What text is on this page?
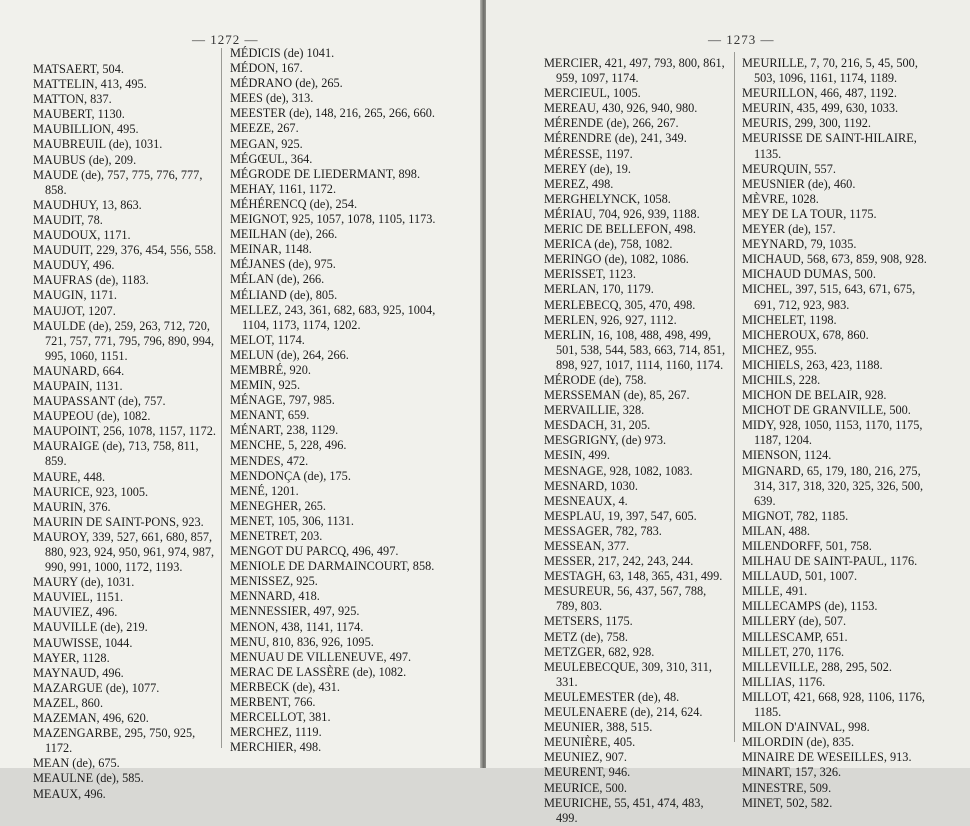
— 1272 —

MATSAERT, 504.

MATTELIN, 413, 495.

MATTON, 837.

MAUBERT, 1130.

MAUBILLION, 495.

MAUBREUIL (de), 1031.

MAUBUS (de), 209.

MAUDE (de), 757, 775, 776, 777, 858.

MAUDHUY, 13, 863.

MAUDIT, 78.

MAUDOUX, 1171.

MAUDUIT, 229, 376, 454, 556, 558.

MAUDUY, 496.

MAUFRAS (de), 1183.

MAUGIN, 1171.

MAUJOT, 1207.

MAULDE (de), 259, 263, 712, 720, 721, 757, 771, 795, 796, 890, 994, 995, 1060, 1151.

MAUNARD, 664.

MAUPAIN, 1131.

MAUPASSANT (de), 757.

MAUPEOU (de), 1082.

MAUPOINT, 256, 1078, 1157, 1172.

MAURAIGE (de), 713, 758, 811, 859.

MAURE, 448.

MAURICE, 923, 1005.

MAURIN, 376.

MAURIN DE SAINT-PONS, 923.

MAUROY, 339, 527, 661, 680, 857, 880, 923, 924, 950, 961, 974, 987, 990, 991, 1000, 1172, 1193.

MAURY (de), 1031.

MAUVIEL, 1151.

MAUVIEZ, 496.

MAUVILLE (de), 219.

MAUWISSE, 1044.

MAYER, 1128.

MAYNAUD, 496.

MAZARGUE (de), 1077.

MAZEL, 860.

MAZEMAN, 496, 620.

MAZENGARBE, 295, 750, 925, 1172.

MEAN (de), 675.

MEAULNE (de), 585.

MEAUX, 496.

MÉDICIS (de) 1041.

MÉDON, 167.

MÉDRANO (de), 265.

MEES (de), 313.

MEESTER (de), 148, 216, 265, 266, 660.

MEEZE, 267.

MEGAN, 925.

MÉGŒUL, 364.

MÉGRODE DE LIEDERMANT, 898.

MEHAY, 1161, 1172.

MÉHÉRENCQ (de), 254.

MEIGNOT, 925, 1057, 1078, 1105, 1173.

MEILHAN (de), 266.

MEINAR, 1148.

MÉJANES (de), 975.

MÉLAN (de), 266.

MÉLIAND (de), 805.

MELLEZ, 243, 361, 682, 683, 925, 1004, 1104, 1173, 1174, 1202.

MELOT, 1174.

MELUN (de), 264, 266.

MEMBRÉ, 920.

MEMIN, 925.

MÉNAGE, 797, 985.

MENANT, 659.

MÉNART, 238, 1129.

MENCHE, 5, 228, 496.

MENDES, 472.

MENDONÇA (de), 175.

MENÉ, 1201.

MENEGHER, 265.

MENET, 105, 306, 1131.

MENETRET, 203.

MENGOT DU PARCQ, 496, 497.

MENIOLE DE DARMAINCOURT, 858.

MENISSEZ, 925.

MENNARD, 418.

MENNESSIER, 497, 925.

MENON, 438, 1141, 1174.

MENU, 810, 836, 926, 1095.

MENUAU DE VILLENEUVE, 497.

MERAC DE LASSÈRE (de), 1082.

MERBECK (de), 431.

MERBENT, 766.

MERCELLOT, 381.

MERCHEZ, 1119.

MERCHIER, 498.

— 1273 —

MERCIER, 421, 497, 793, 800, 861, 959, 1097, 1174.

MERCIEUL, 1005.

MEREAU, 430, 926, 940, 980.

MÉRENDE (de), 266, 267.

MÉRENDRE (de), 241, 349.

MÉRESSE, 1197.

MEREY (de), 19.

MEREZ, 498.

MERGHELYNCK, 1058.

MÉRIAU, 704, 926, 939, 1188.

MERIC DE BELLEFON, 498.

MERICA (de), 758, 1082.

MERINGO (de), 1082, 1086.

MERISSET, 1123.

MERLAN, 170, 1179.

MERLEBECQ, 305, 470, 498.

MERLEN, 926, 927, 1112.

MERLIN, 16, 108, 488, 498, 499, 501, 538, 544, 583, 663, 714, 851, 898, 927, 1017, 1114, 1160, 1174.

MÉRODE (de), 758.

MERSSEMAN (de), 85, 267.

MERVAILLIE, 328.

MESDACH, 31, 205.

MESGRIGNY, (de) 973.

MESIN, 499.

MESNAGE, 928, 1082, 1083.

MESNARD, 1030.

MESNEAUX, 4.

MESPLAU, 19, 397, 547, 605.

MESSAGER, 782, 783.

MESSEAN, 377.

MESSER, 217, 242, 243, 244.

MESTAGH, 63, 148, 365, 431, 499.

MESUREUR, 56, 437, 567, 788, 789, 803.

METSERS, 1175.

METZ (de), 758.

METZGER, 682, 928.

MEULEBECQUE, 309, 310, 311, 331.

MEULEMESTER (de), 48.

MEULENAERE (de), 214, 624.

MEUNIER, 388, 515.

MEUNIÈRE, 405.

MEUNIEZ, 907.

MEURENT, 946.

MEURICE, 500.

MEURICHE, 55, 451, 474, 483, 499.

MEURILLE, 7, 70, 216, 5, 45, 500, 503, 1096, 1161, 1174, 1189.

MEURILLON, 466, 487, 1192.

MEURIN, 435, 499, 630, 1033.

MEURIS, 299, 300, 1192.

MEURISSE DE SAINT-HILAIRE, 1135.

MEURQUIN, 557.

MEUSNIER (de), 460.

MÈVRE, 1028.

MEY DE LA TOUR, 1175.

MEYER (de), 157.

MEYNARD, 79, 1035.

MICHAUD, 568, 673, 859, 908, 928.

MICHAUD DUMAS, 500.

MICHEL, 397, 515, 643, 671, 675, 691, 712, 923, 983.

MICHELET, 1198.

MICHEROUX, 678, 860.

MICHEZ, 955.

MICHIELS, 263, 423, 1188.

MICHILS, 228.

MICHON DE BELAIR, 928.

MICHOT DE GRANVILLE, 500.

MIDY, 928, 1050, 1153, 1170, 1175, 1187, 1204.

MIENSON, 1124.

MIGNARD, 65, 179, 180, 216, 275, 314, 317, 318, 320, 325, 326, 500, 639.

MIGNOT, 782, 1185.

MILAN, 488.

MILENDORFF, 501, 758.

MILHAU DE SAINT-PAUL, 1176.

MILLAUD, 501, 1007.

MILLE, 491.

MILLECAMPS (de), 1153.

MILLERY (de), 507.

MILLESCAMP, 651.

MILLET, 270, 1176.

MILLEVILLE, 288, 295, 502.

MILLIAS, 1176.

MILLOT, 421, 668, 928, 1106, 1176, 1185.

MILON D'AINVAL, 998.

MILORDIN (de), 835.

MINAIRE DE WESEILLES, 913.

MINART, 157, 326.

MINESTRE, 509.

MINET, 502, 582.
